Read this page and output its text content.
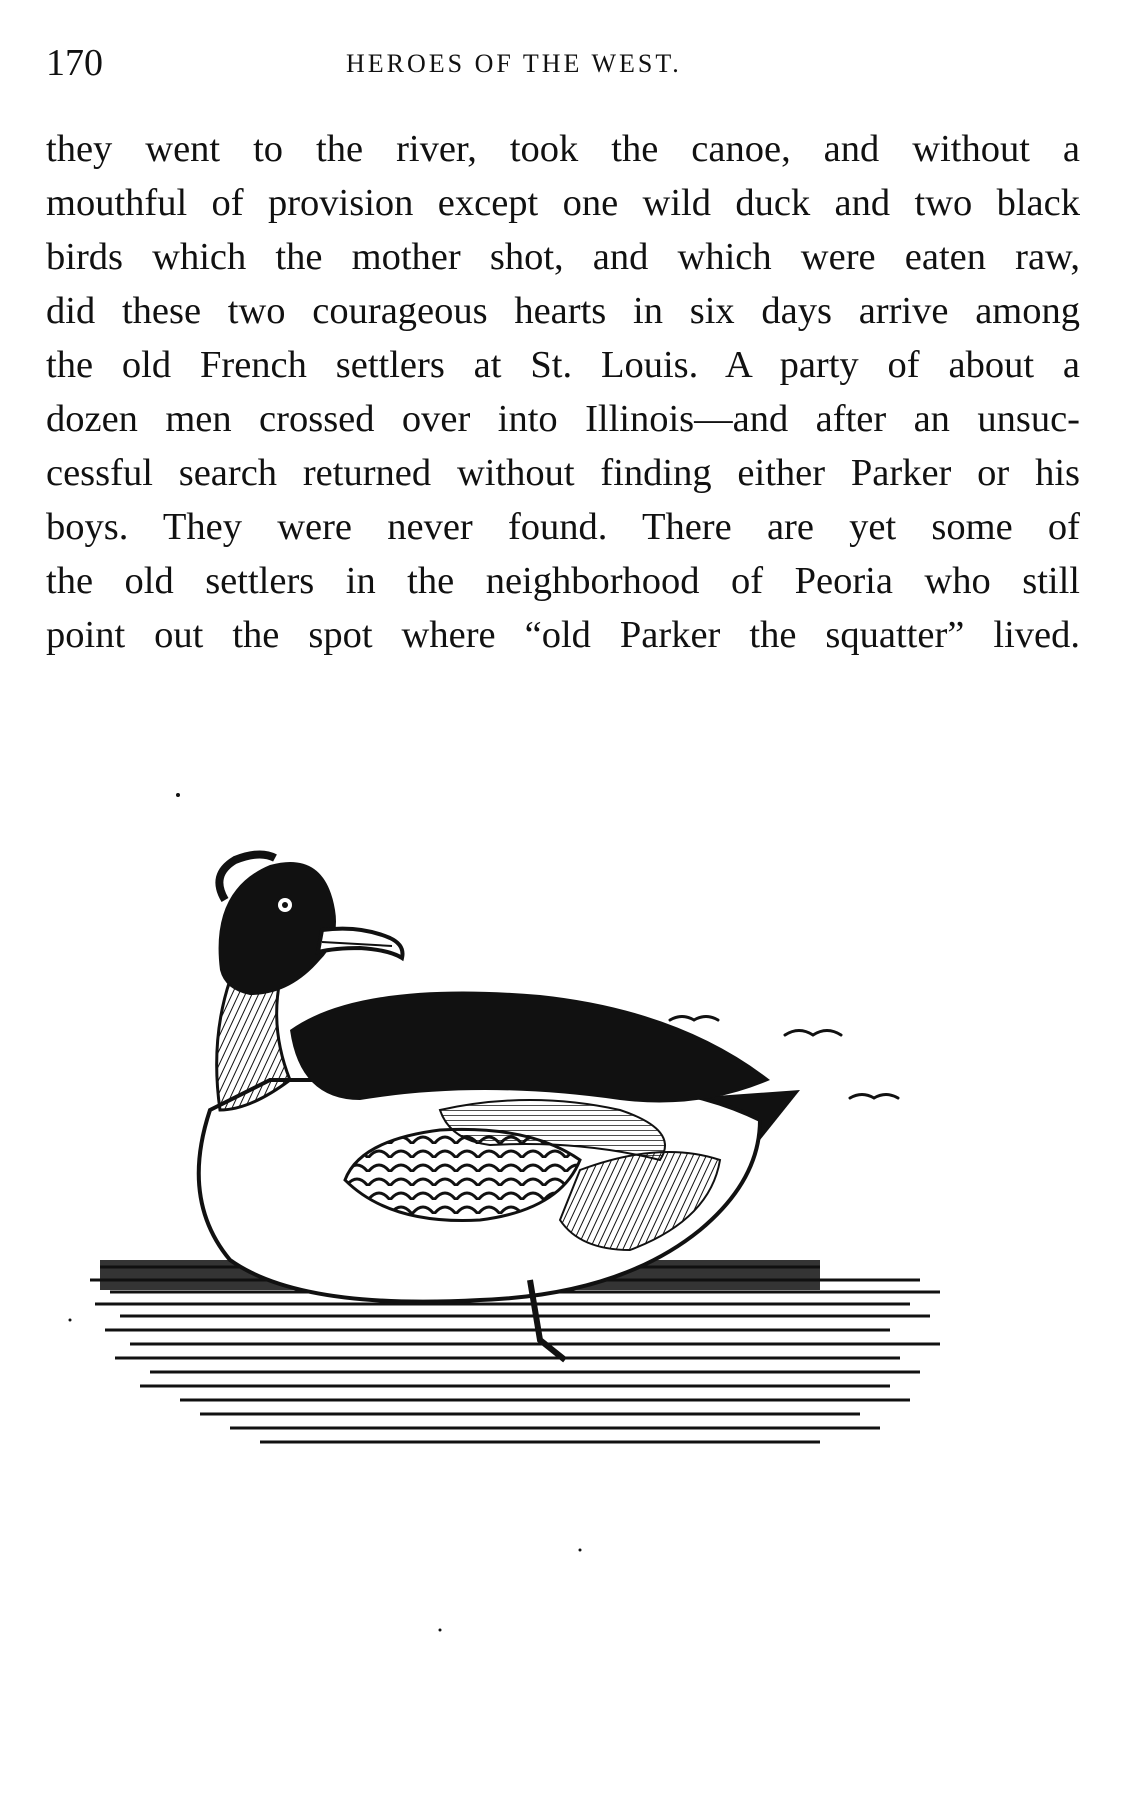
170	HEROES OF THE WEST.
they went to the river, took the canoe, and without a
mouthful of provision except one wild duck and two black
birds which the mother shot, and which were eaten raw,
did these two courageous hearts in six days arrive among
the old French settlers at St. Louis. A party of about a
dozen men crossed over into Illinois—and after an unsuc-
cessful search returned without finding either Parker or his
boys. They were never found. There are yet some of
the old settlers in the neighborhood of Peoria who still
point out the spot where “old Parker the squatter” lived.
